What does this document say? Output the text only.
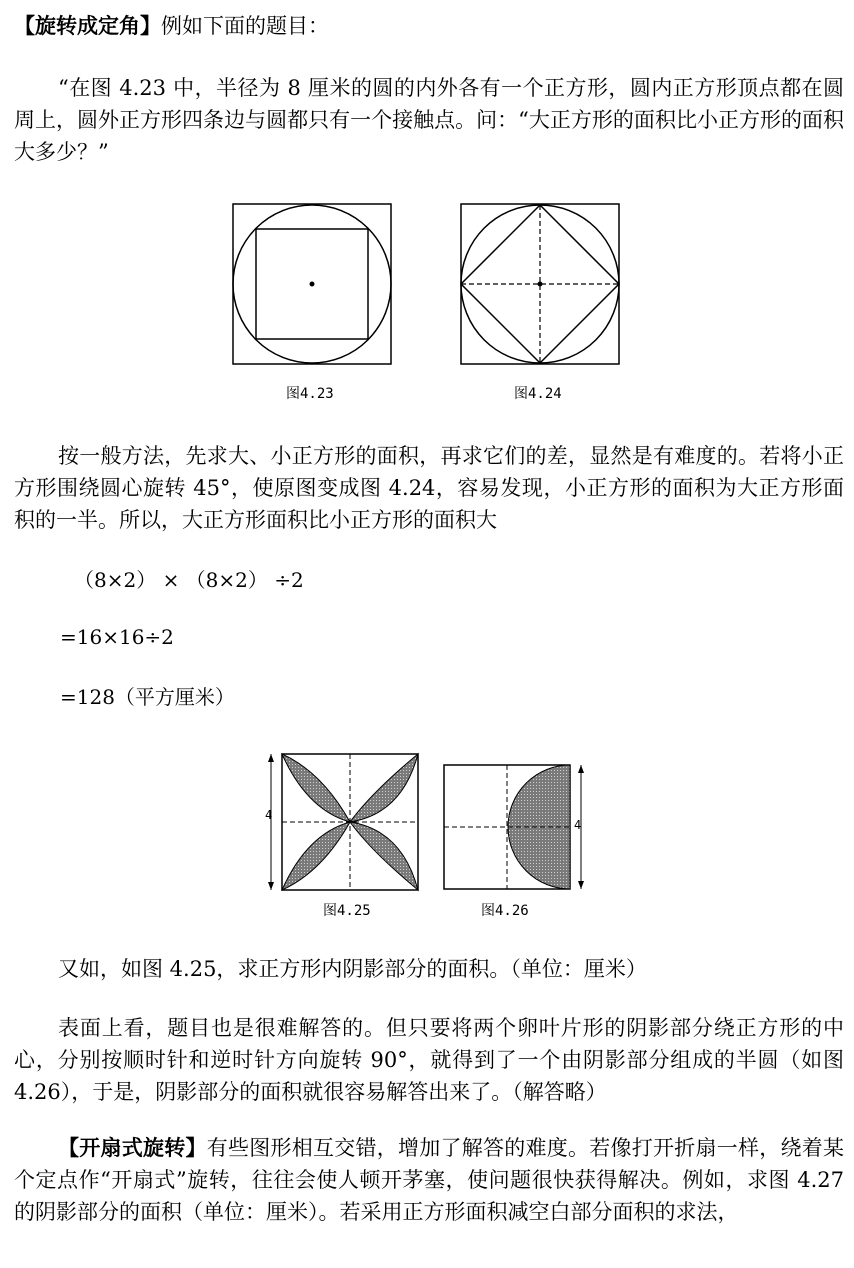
【旋转成定角】例如下面的题目：

“在图 4.23 中，半径为 8 厘米的圆的内外各有一个正方形，圆内正方形顶点都在圆周上，圆外正方形四条边与圆都只有一个接触点。问：“大正方形的面积比小正方形的面积大多少？”

图4.23	图4.24

按一般方法，先求大、小正方形的面积，再求它们的差，显然是有难度的。若将小正方形围绕圆心旋转 45°，使原图变成图 4.24，容易发现，小正方形的面积为大正方形面积的一半。所以，大正方形面积比小正方形的面积大

（8×2） × （8×2） ÷2
=16×16÷2
=128（平方厘米）
4
图4.25
4
图4.26

又如，如图 4.25，求正方形内阴影部分的面积。（单位：厘米）

表面上看，题目也是很难解答的。但只要将两个卵叶片形的阴影部分绕正方形的中心，分别按顺时针和逆时针方向旋转 90°，就得到了一个由阴影部分组成的半圆（如图 4.26），于是，阴影部分的面积就很容易解答出来了。（解答略）

【开扇式旋转】有些图形相互交错，增加了解答的难度。若像打开折扇一样，绕着某个定点作“开扇式”旋转，往往会使人顿开茅塞，使问题很快获得解决。例如，求图 4.27 的阴影部分的面积（单位：厘米）。若采用正方形面积减空白部分面积的求法，
